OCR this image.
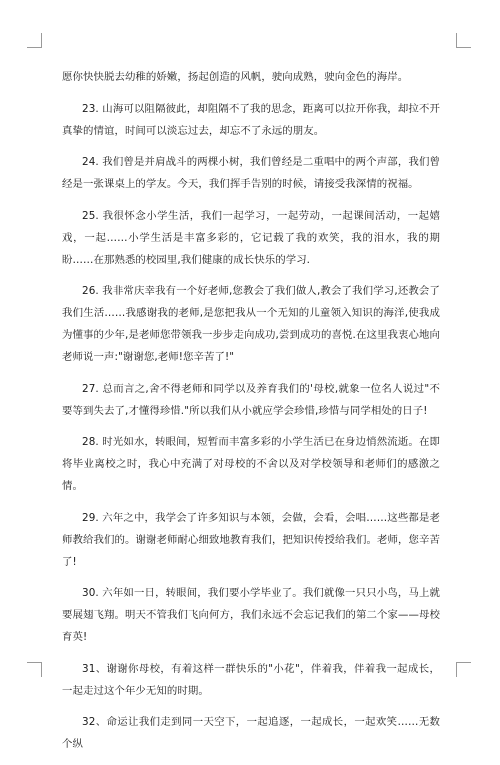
愿你快快脱去幼稚的娇嫩，扬起创造的风帆，驶向成熟，驶向金色的海岸。

23. 山海可以阻隔彼此，却阻隔不了我的思念，距离可以拉开你我，却拉不开真挚的情谊，时间可以淡忘过去，却忘不了永远的朋友。

24. 我们曾是并肩战斗的两棵小树，我们曾经是二重唱中的两个声部，我们曾经是一张课桌上的学友。今天，我们挥手告别的时候，请接受我深情的祝福。

25. 我很怀念小学生活，我们一起学习，一起劳动，一起课间活动，一起嬉戏，一起……小学生活是丰富多彩的，它记载了我的欢笑，我的泪水，我的期盼……在那熟悉的校园里,我们健康的成长快乐的学习.

26. 我非常庆幸我有一个好老师,您教会了我们做人,教会了我们学习,还教会了我们生活……我感谢我的老师,是您把我从一个无知的儿童领入知识的海洋,使我成为懂事的少年,是老师您带领我一步步走向成功,尝到成功的喜悦.在这里我衷心地向老师说一声:"谢谢您,老师!您辛苦了!"

27. 总而言之,舍不得老师和同学以及养育我们的'母校,就象一位名人说过"不要等到失去了,才懂得珍惜."所以我们从小就应学会珍惜,珍惜与同学相处的日子!

28. 时光如水，转眼间，短暂而丰富多彩的小学生活已在身边悄然流逝。在即将毕业离校之时，我心中充满了对母校的不舍以及对学校领导和老师们的感激之情。

29. 六年之中，我学会了许多知识与本领，会做，会看，会唱……这些都是老师教给我们的。谢谢老师耐心细致地教育我们，把知识传授给我们。老师，您辛苦了!

30. 六年如一日，转眼间，我们要小学毕业了。我们就像一只只小鸟，马上就要展翅飞翔。明天不管我们飞向何方，我们永远不会忘记我们的第二个家——母校育英!

31、谢谢你母校，有着这样一群快乐的"小花"，伴着我，伴着我一起成长，一起走过这个年少无知的时期。

32、命运让我们走到同一天空下，一起追逐，一起成长，一起欢笑……无数个纵
